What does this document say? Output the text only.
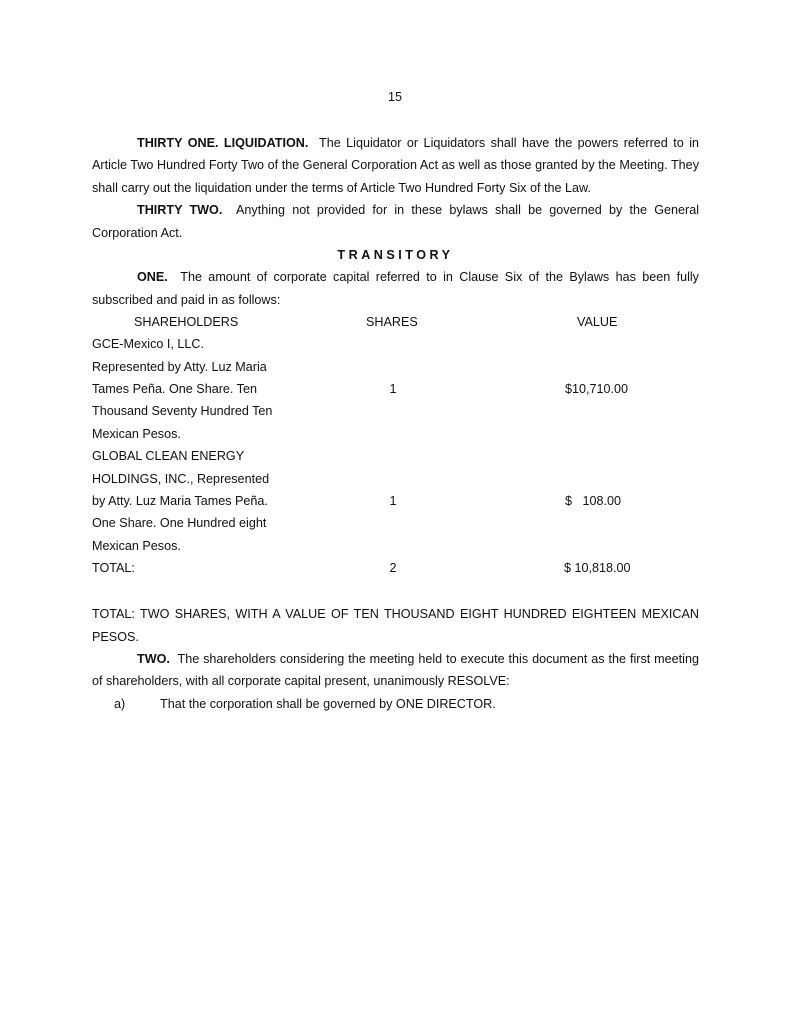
15

THIRTY ONE. LIQUIDATION. The Liquidator or Liquidators shall have the powers referred to in Article Two Hundred Forty Two of the General Corporation Act as well as those granted by the Meeting. They shall carry out the liquidation under the terms of Article Two Hundred Forty Six of the Law.

THIRTY TWO. Anything not provided for in these bylaws shall be governed by the General Corporation Act.

TRANSITORY

ONE. The amount of corporate capital referred to in Clause Six of the Bylaws has been fully subscribed and paid in as follows:

SHAREHOLDERS	SHARES	VALUE
GCE-Mexico I, LLC.
Represented by Atty. Luz Maria
Tames Peña. One Share. Ten
Thousand Seventy Hundred Ten
Mexican Pesos.
1	$10,710.00
GLOBAL CLEAN ENERGY
HOLDINGS, INC., Represented
by Atty. Luz Maria Tames Peña.
One Share. One Hundred eight
Mexican Pesos.
1	$   108.00
TOTAL:	2	$ 10,818.00

TOTAL: TWO SHARES, WITH A VALUE OF TEN THOUSAND EIGHT HUNDRED EIGHTEEN MEXICAN PESOS.

TWO. The shareholders considering the meeting held to execute this document as the first meeting of shareholders, with all corporate capital present, unanimously RESOLVE:

a)	That the corporation shall be governed by ONE DIRECTOR.
